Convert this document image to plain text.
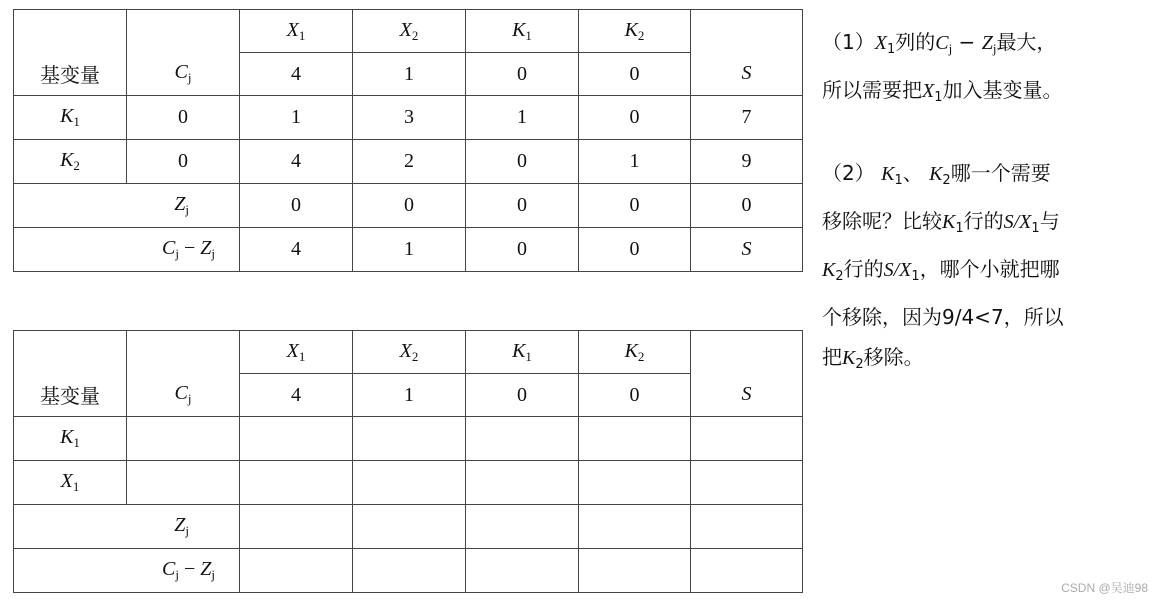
		$X_1$	$X_2$	$K_1$	$K_2$	
基变量	$C_j$	4	1	0	0	S
$K_1$	0	1	3	1	0	7
$K_2$	0	4	2	0	1	9
$Z_j$		0	0	0	0	0
$C_j - Z_j$		4	1	0	0	S
		$X_1$	$X_2$	$K_1$	$K_2$	
基变量	$C_j$	4	1	0	0	S
$K_1$						
$X_1$						
$Z_j$					
$C_j - Z_j$					

$(1)X_1$列的$C_j - Z_j$最大，
所以需要把$X_1$加入基变量。

（2） $K_1$、 $K_2$哪一个需要
移除呢？比较$K_1$行的$S/X_1$与
$K_2$行的$S/X_1$，哪个小就把哪
个移除，因为9/4<7，所以
把$K_2$移除。

CSDN @吴迪98
